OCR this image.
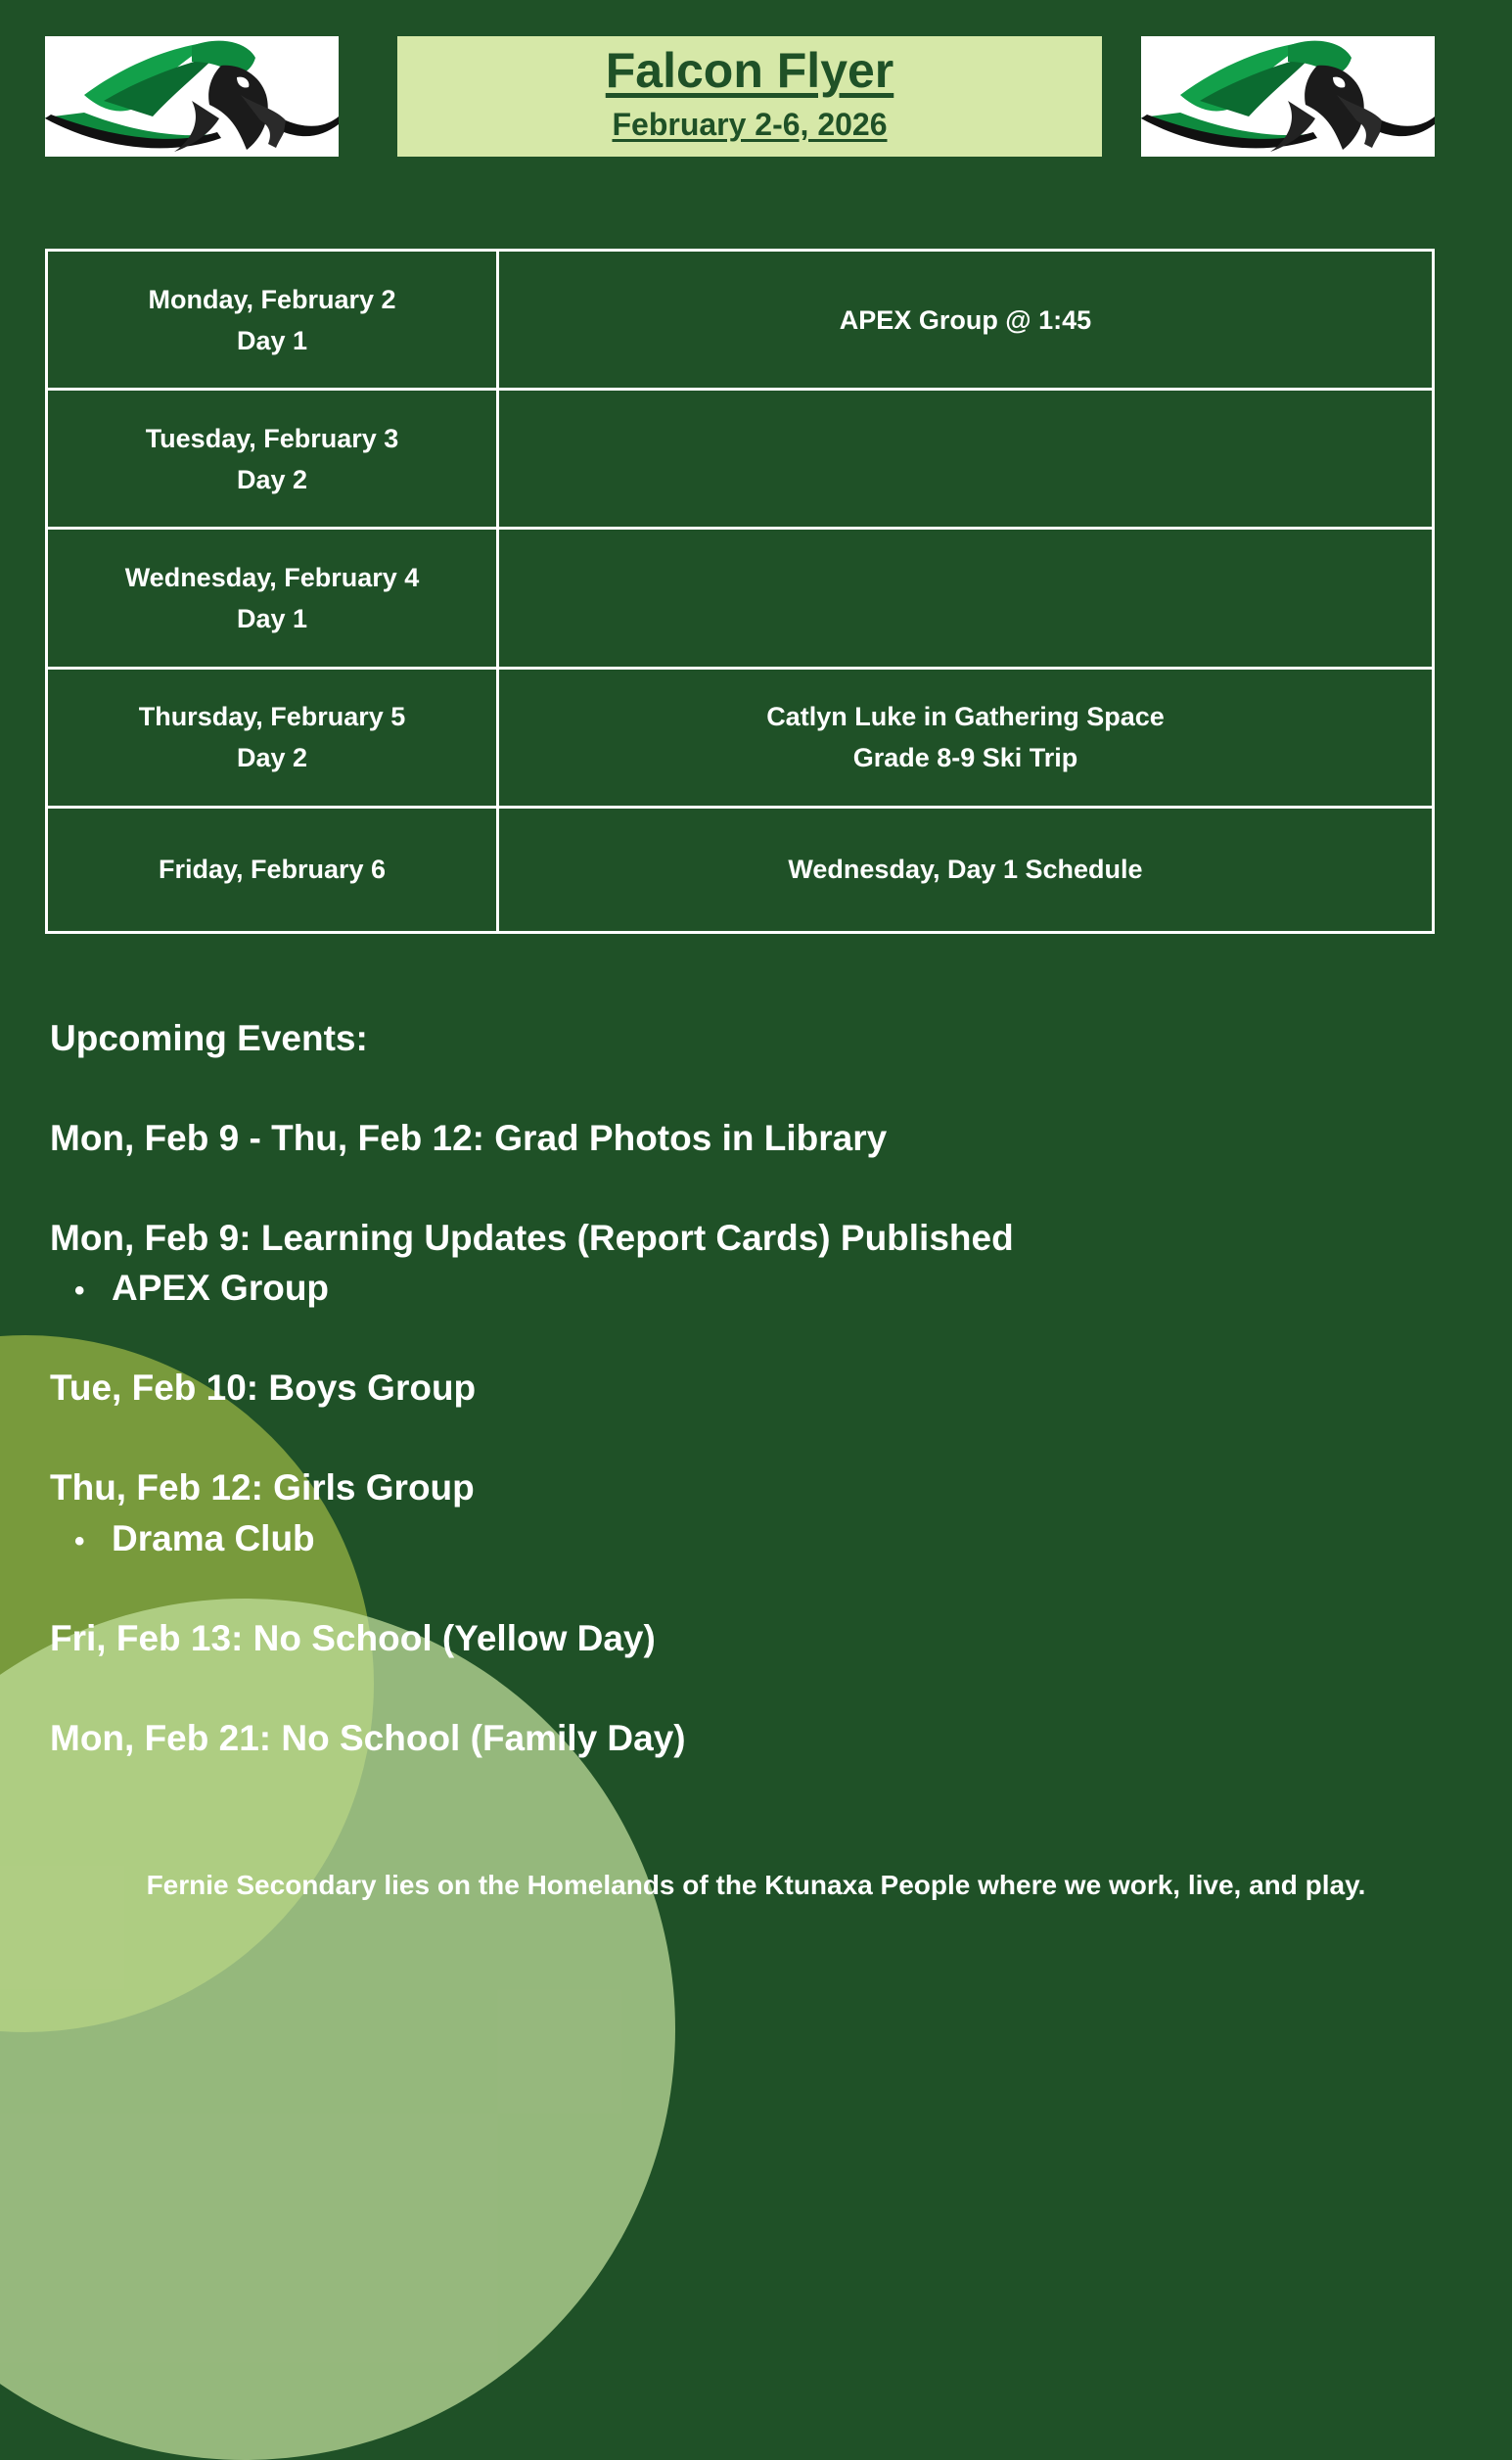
Falcon Flyer
February 2-6, 2026
Monday, February 2
Day 1	APEX Group @ 1:45

Tuesday, February 3
Day 2	

Wednesday, February 4
Day 1	

Thursday, February 5
Day 2	Catlyn Luke in Gathering Space
Grade 8-9 Ski Trip

Friday, February 6	Wednesday, Day 1 Schedule
Upcoming Events:
Mon, Feb 9 - Thu, Feb 12: Grad Photos in Library
Mon, Feb 9: Learning Updates (Report Cards) Published
• APEX Group
Tue, Feb 10: Boys Group
Thu, Feb 12: Girls Group
• Drama Club
Fri, Feb 13: No School (Yellow Day)
Mon, Feb 21: No School (Family Day)
Fernie Secondary lies on the Homelands of the Ktunaxa People where we work, live, and play.
